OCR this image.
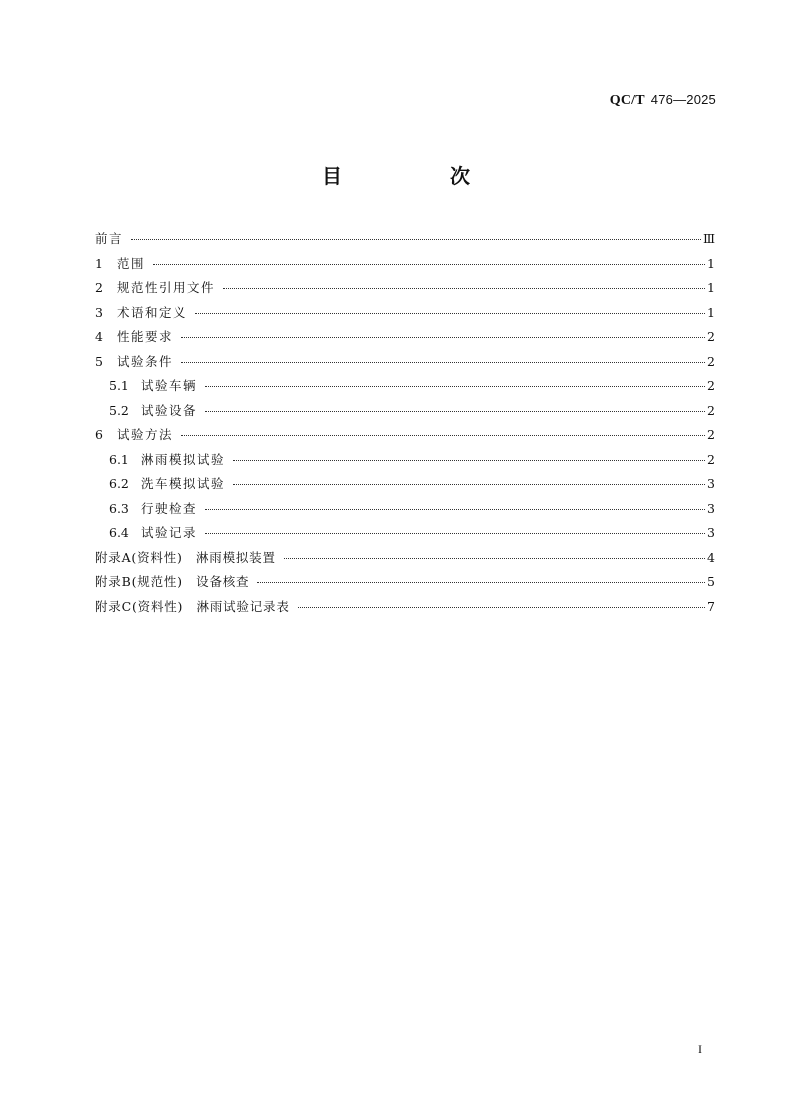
QC/T 476—2025
目　次
前言	Ⅲ
1	范围	1
2	规范性引用文件	1
3	术语和定义	1
4	性能要求	2
5	试验条件	2
5.1 试验车辆	2
5.2 试验设备	2
6	试验方法	2
6.1 淋雨模拟试验	2
6.2 洗车模拟试验	3
6.3 行驶检查	3
6.4 试验记录	3
附录A(资料性)　淋雨模拟装置	4
附录B(规范性)　设备核查	5
附录C(资料性)　淋雨试验记录表	7
I
